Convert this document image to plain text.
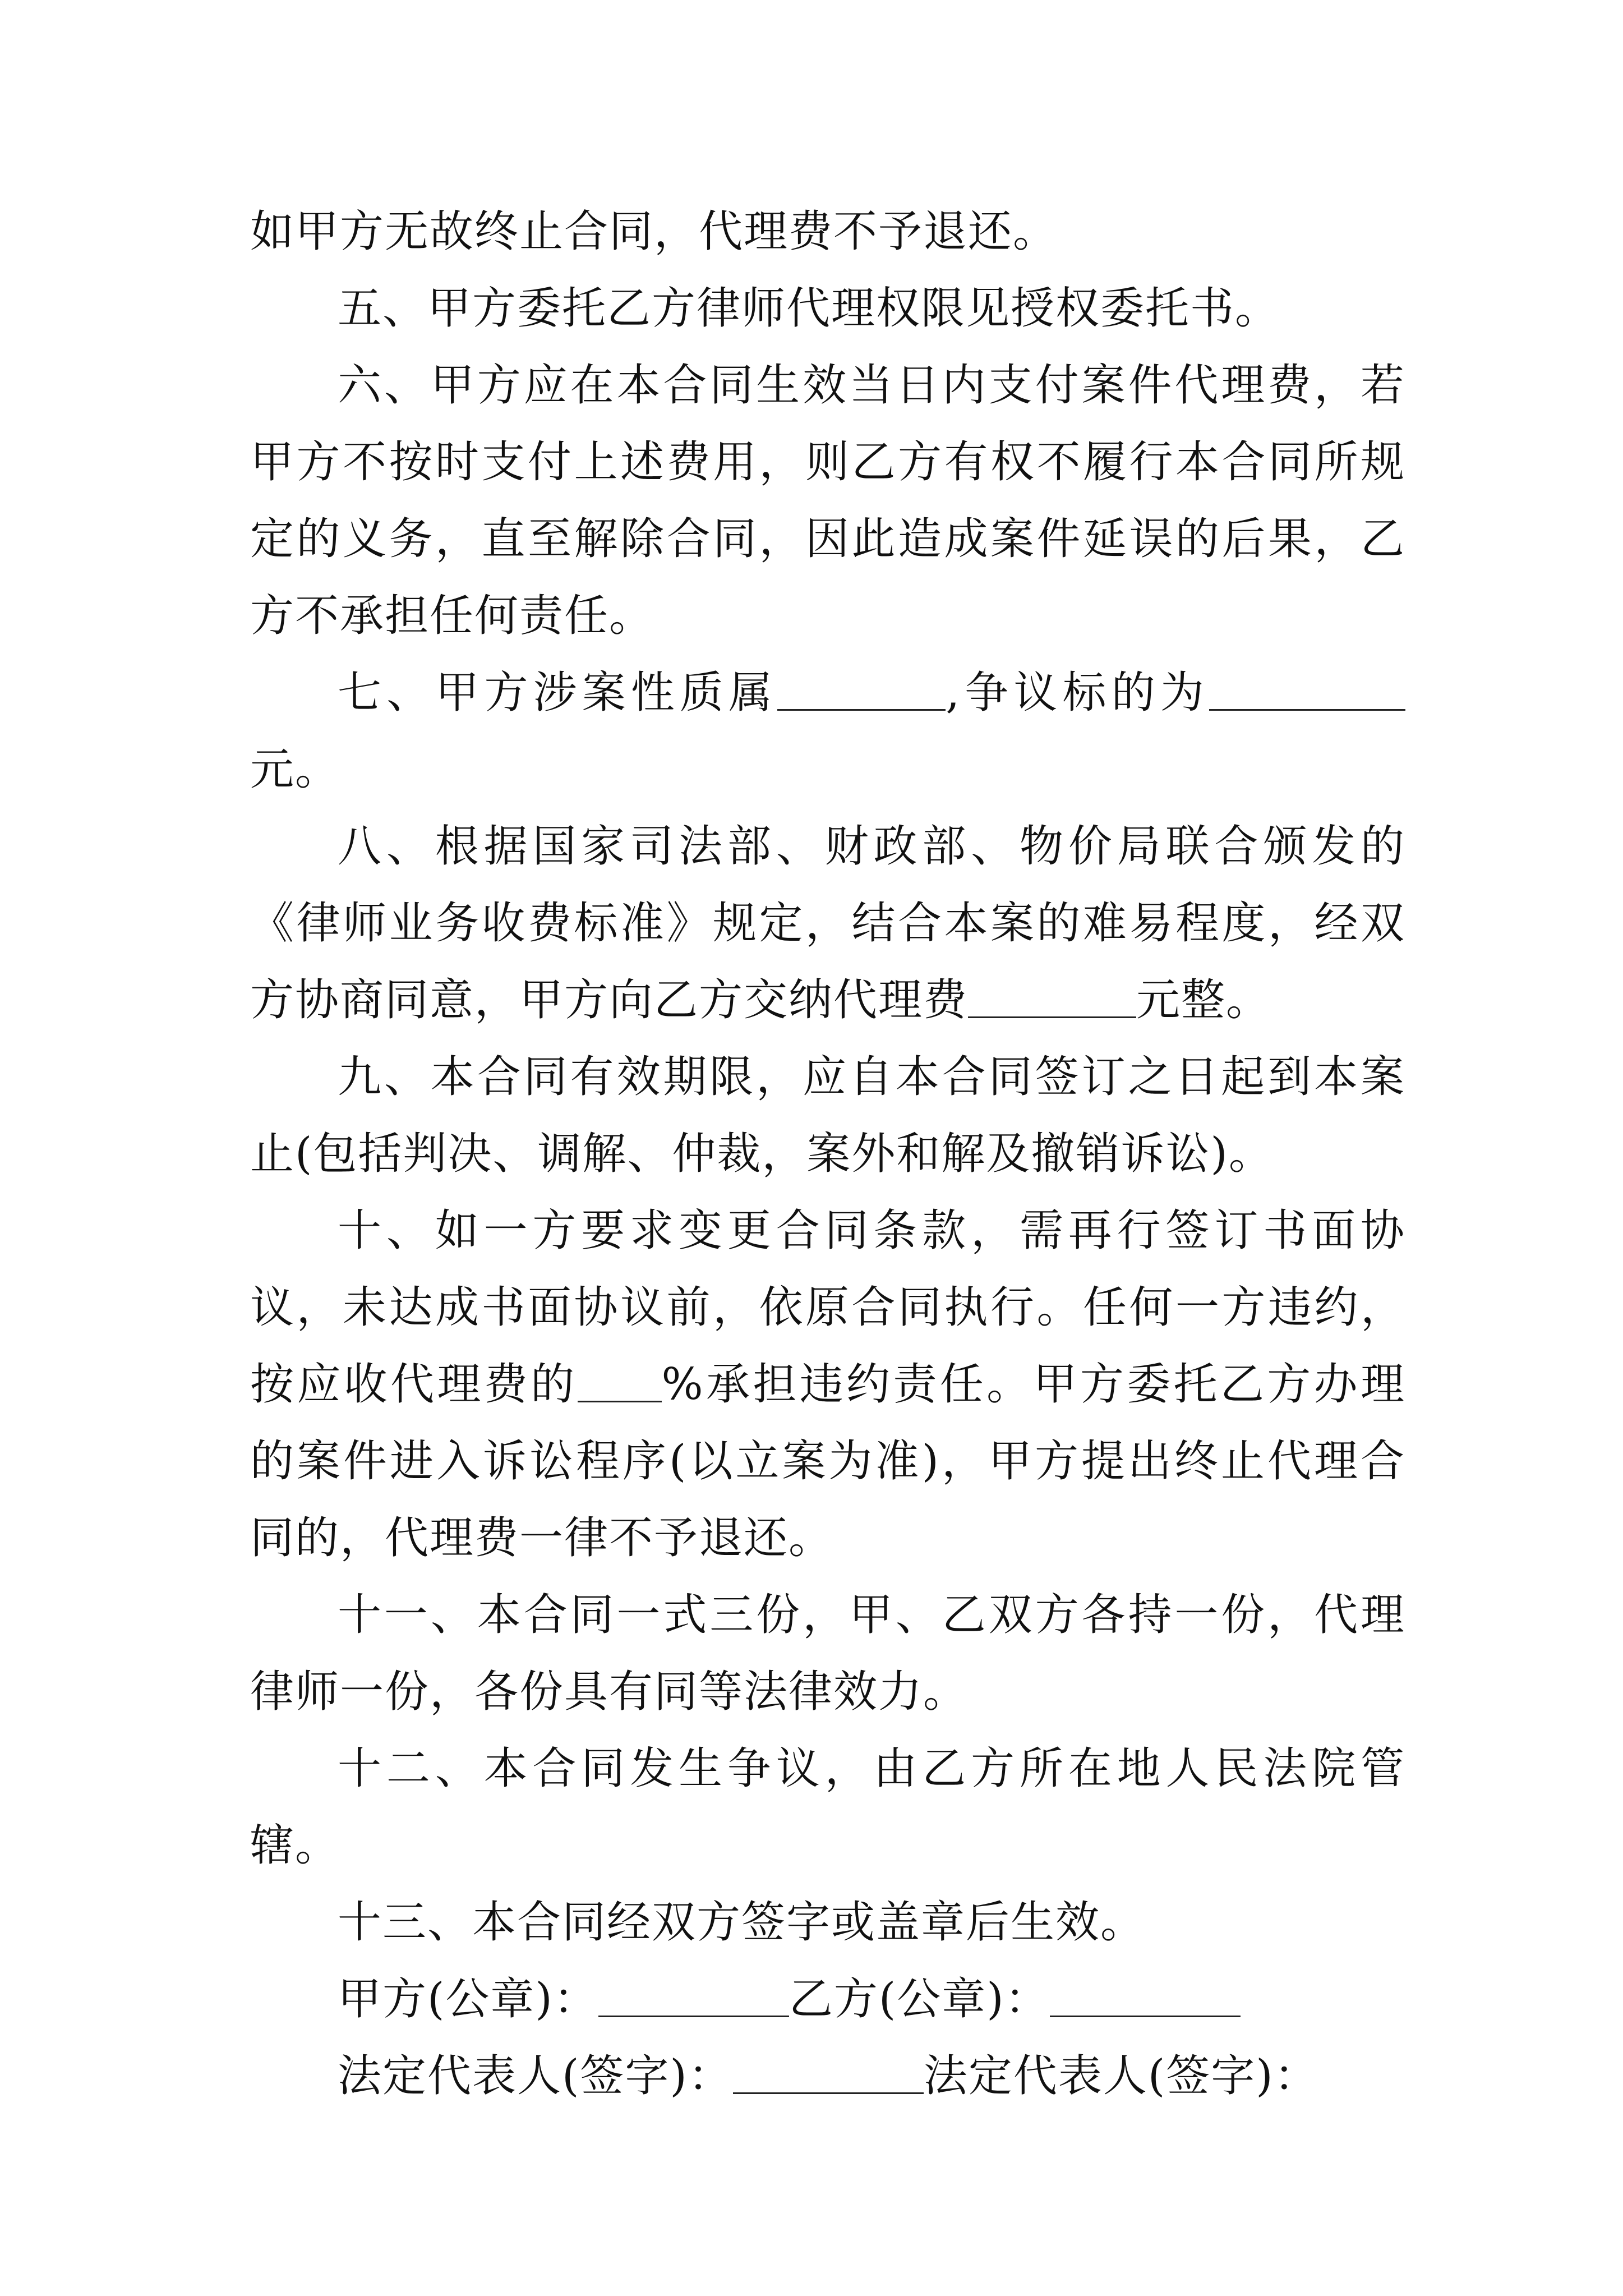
如甲方无故终止合同，代理费不予退还。

五、甲方委托乙方律师代理权限见授权委托书。

六、甲方应在本合同生效当日内支付案件代理费，若甲方不按时支付上述费用，则乙方有权不履行本合同所规定的义务，直至解除合同，因此造成案件延误的后果，乙方不承担任何责任。

七、甲方涉案性质属	,争议标的为元。

八、根据国家司法部、财政部、物价局联合颁发的《律师业务收费标准》规定，结合本案的难易程度，经双方协商同意，甲方向乙方交纳代理费	元整。

九、本合同有效期限，应自本合同签订之日起到本案止(包括判决、调解、仲裁，案外和解及撤销诉讼)。

十、如一方要求变更合同条款，需再行签订书面协议，未达成书面协议前，依原合同执行。任何一方违约，按应收代理费的 %承担违约责任。甲方委托乙方办理的案件进入诉讼程序(以立案为准)，甲方提出终止代理合同的，代理费一律不予退还。

十一、本合同一式三份，甲、乙双方各持一份，代理律师一份，各份具有同等法律效力。

十二、本合同发生争议，由乙方所在地人民法院管辖。

十三、本合同经双方签字或盖章后生效。

甲方(公章)：	乙方(公章)：

法定代表人(签字)：	法定代表人(签字)：
